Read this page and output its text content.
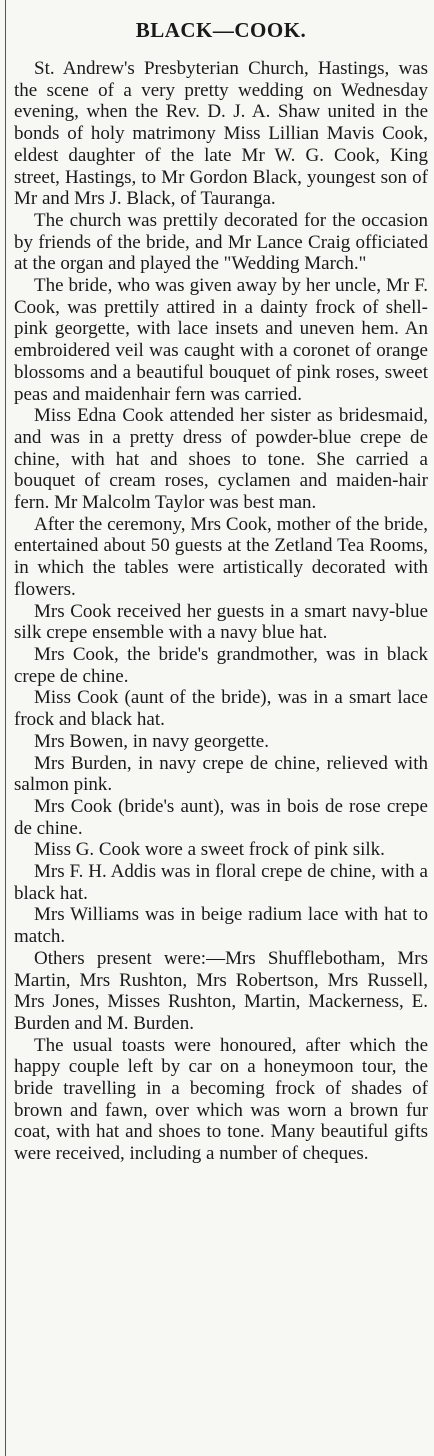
BLACK—COOK.

St. Andrew's Presbyterian Church, Hastings, was the scene of a very pretty wedding on Wednesday evening, when the Rev. D. J. A. Shaw united in the bonds of holy matrimony Miss Lillian Mavis Cook, eldest daughter of the late Mr W. G. Cook, King street, Hastings, to Mr Gordon Black, youngest son of Mr and Mrs J. Black, of Tauranga.

The church was prettily decorated for the occasion by friends of the bride, and Mr Lance Craig officiated at the organ and played the "Wedding March."

The bride, who was given away by her uncle, Mr F. Cook, was prettily attired in a dainty frock of shell-pink georgette, with lace insets and uneven hem. An embroidered veil was caught with a coronet of orange blossoms and a beautiful bouquet of pink roses, sweet peas and maidenhair fern was carried.

Miss Edna Cook attended her sister as bridesmaid, and was in a pretty dress of powder-blue crepe de chine, with hat and shoes to tone. She carried a bouquet of cream roses, cyclamen and maiden-hair fern. Mr Malcolm Taylor was best man.

After the ceremony, Mrs Cook, mother of the bride, entertained about 50 guests at the Zetland Tea Rooms, in which the tables were artistically decorated with flowers.

Mrs Cook received her guests in a smart navy-blue silk crepe ensemble with a navy blue hat.

Mrs Cook, the bride's grandmother, was in black crepe de chine.

Miss Cook (aunt of the bride), was in a smart lace frock and black hat.

Mrs Bowen, in navy georgette.

Mrs Burden, in navy crepe de chine, relieved with salmon pink.

Mrs Cook (bride's aunt), was in bois de rose crepe de chine.

Miss G. Cook wore a sweet frock of pink silk.

Mrs F. H. Addis was in floral crepe de chine, with a black hat.

Mrs Williams was in beige radium lace with hat to match.

Others present were:—Mrs Shufflebotham, Mrs Martin, Mrs Rushton, Mrs Robertson, Mrs Russell, Mrs Jones, Misses Rushton, Martin, Mackerness, E. Burden and M. Burden.

The usual toasts were honoured, after which the happy couple left by car on a honeymoon tour, the bride travelling in a becoming frock of shades of brown and fawn, over which was worn a brown fur coat, with hat and shoes to tone. Many beautiful gifts were received, including a number of cheques.
